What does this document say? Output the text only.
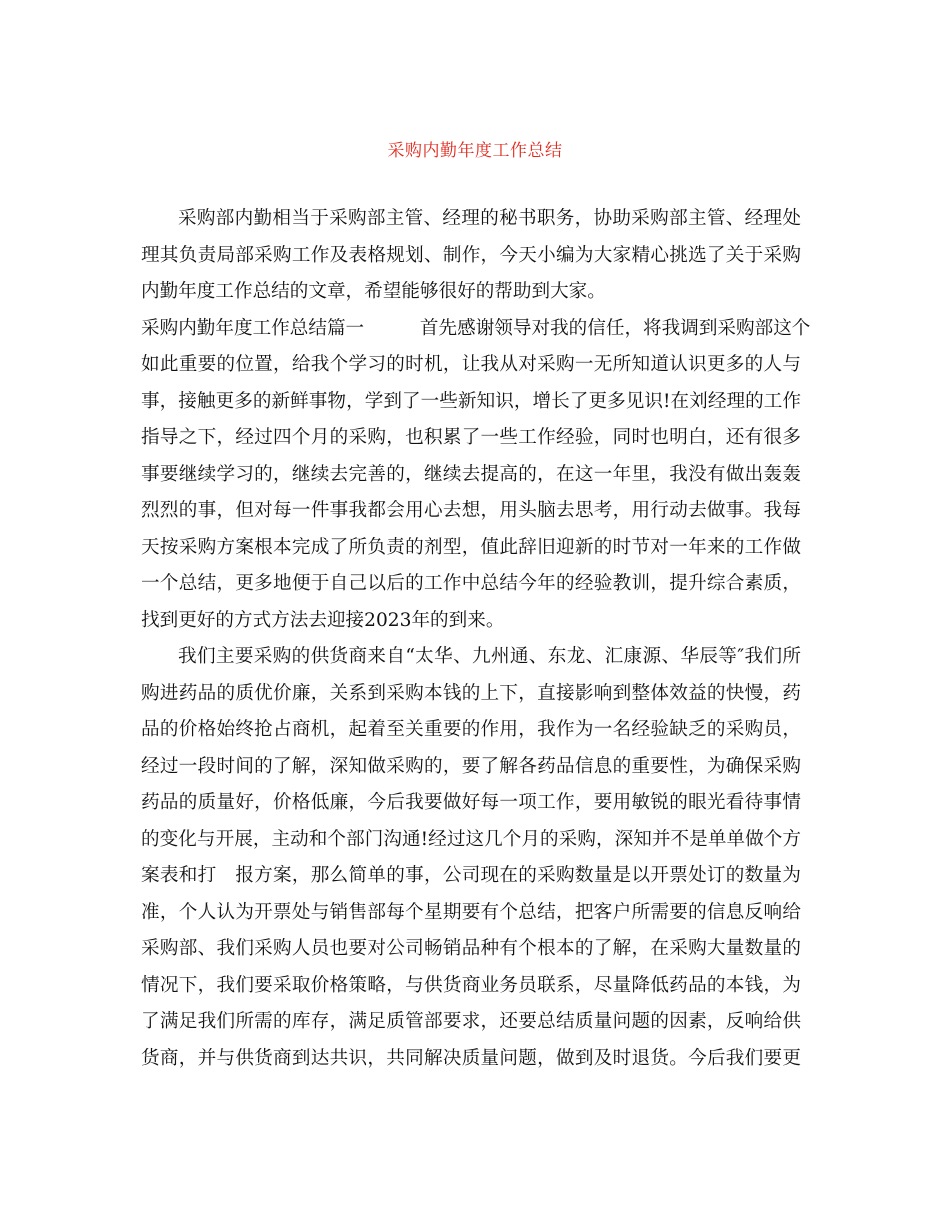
采购内勤年度工作总结
采购部内勤相当于采购部主管、经理的秘书职务，协助采购部主管、经理处
理其负责局部采购工作及表格规划、制作，今天小编为大家精心挑选了关于采购
内勤年度工作总结的文章，希望能够很好的帮助到大家。
采购内勤年度工作总结篇一　　　首先感谢领导对我的信任，将我调到采购部这个
如此重要的位置，给我个学习的时机，让我从对采购一无所知道认识更多的人与
事，接触更多的新鲜事物，学到了一些新知识，增长了更多见识!在刘经理的工作
指导之下，经过四个月的采购，也积累了一些工作经验，同时也明白，还有很多
事要继续学习的，继续去完善的，继续去提高的，在这一年里，我没有做出轰轰
烈烈的事，但对每一件事我都会用心去想，用头脑去思考，用行动去做事。我每
天按采购方案根本完成了所负责的剂型，值此辞旧迎新的时节对一年来的工作做
一个总结，更多地便于自己以后的工作中总结今年的经验教训，提升综合素质，
找到更好的方式方法去迎接2023年的到来。
我们主要采购的供货商来自“太华、九州通、东龙、汇康源、华辰等″我们所
购进药品的质优价廉，关系到采购本钱的上下，直接影响到整体效益的快慢，药
品的价格始终抢占商机，起着至关重要的作用，我作为一名经验缺乏的采购员，
经过一段时间的了解，深知做采购的，要了解各药品信息的重要性，为确保采购
药品的质量好，价格低廉，今后我要做好每一项工作，要用敏锐的眼光看待事情
的变化与开展，主动和个部门沟通!经过这几个月的采购，深知并不是单单做个方
案表和打　报方案，那么简单的事，公司现在的采购数量是以开票处订的数量为
准，个人认为开票处与销售部每个星期要有个总结，把客户所需要的信息反响给
采购部、我们采购人员也要对公司畅销品种有个根本的了解，在采购大量数量的
情况下，我们要采取价格策略，与供货商业务员联系，尽量降低药品的本钱，为
了满足我们所需的库存，满足质管部要求，还要总结质量问题的因素，反响给供
货商，并与供货商到达共识，共同解决质量问题，做到及时退货。今后我们要更
